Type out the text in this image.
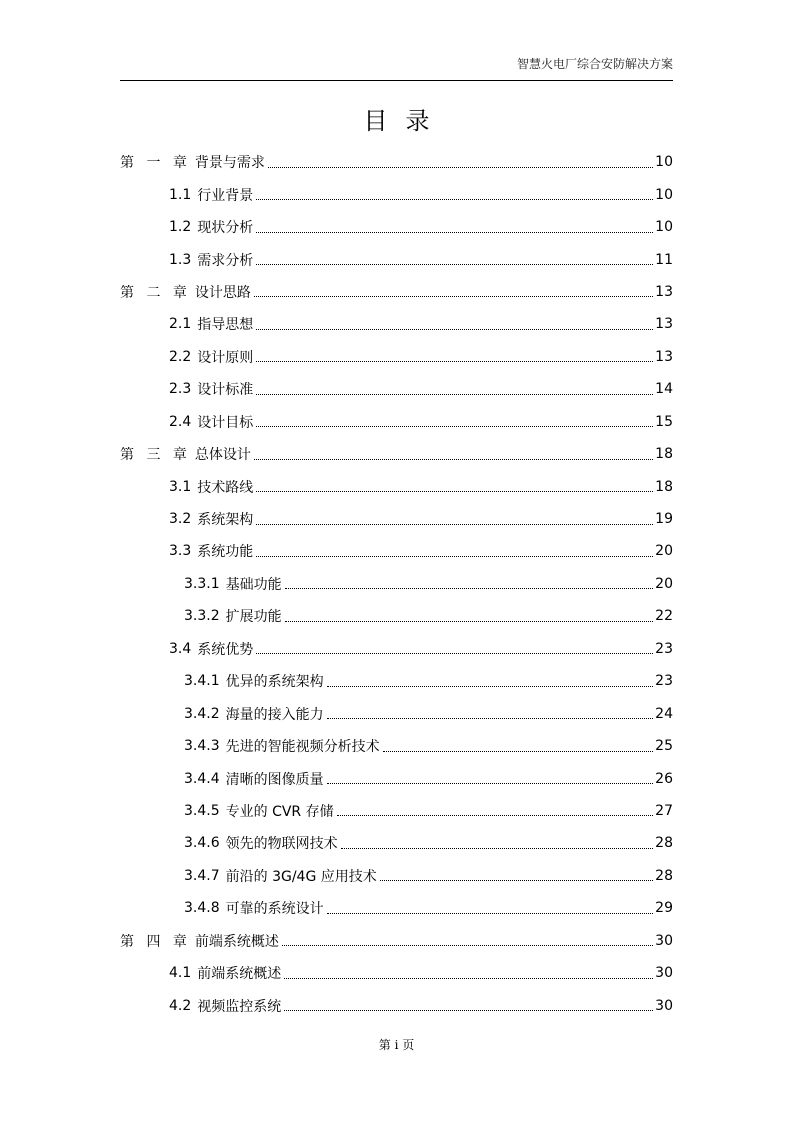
智慧火电厂综合安防解决方案
目录
第 一 章 背景与需求	10
1.1 行业背景	10
1.2 现状分析	10
1.3 需求分析	11
第 二 章 设计思路	13
2.1 指导思想	13
2.2 设计原则	13
2.3 设计标准	14
2.4 设计目标	15
第 三 章 总体设计	18
3.1 技术路线	18
3.2 系统架构	19
3.3 系统功能	20
3.3.1 基础功能	20
3.3.2 扩展功能	22
3.4 系统优势	23
3.4.1 优异的系统架构	23
3.4.2 海量的接入能力	24
3.4.3 先进的智能视频分析技术	25
3.4.4 清晰的图像质量	26
3.4.5 专业的 CVR 存储	27
3.4.6 领先的物联网技术	28
3.4.7 前沿的 3G/4G 应用技术	28
3.4.8 可靠的系统设计	29
第 四 章 前端系统概述	30
4.1 前端系统概述	30
4.2 视频监控系统	30
第 i 页
